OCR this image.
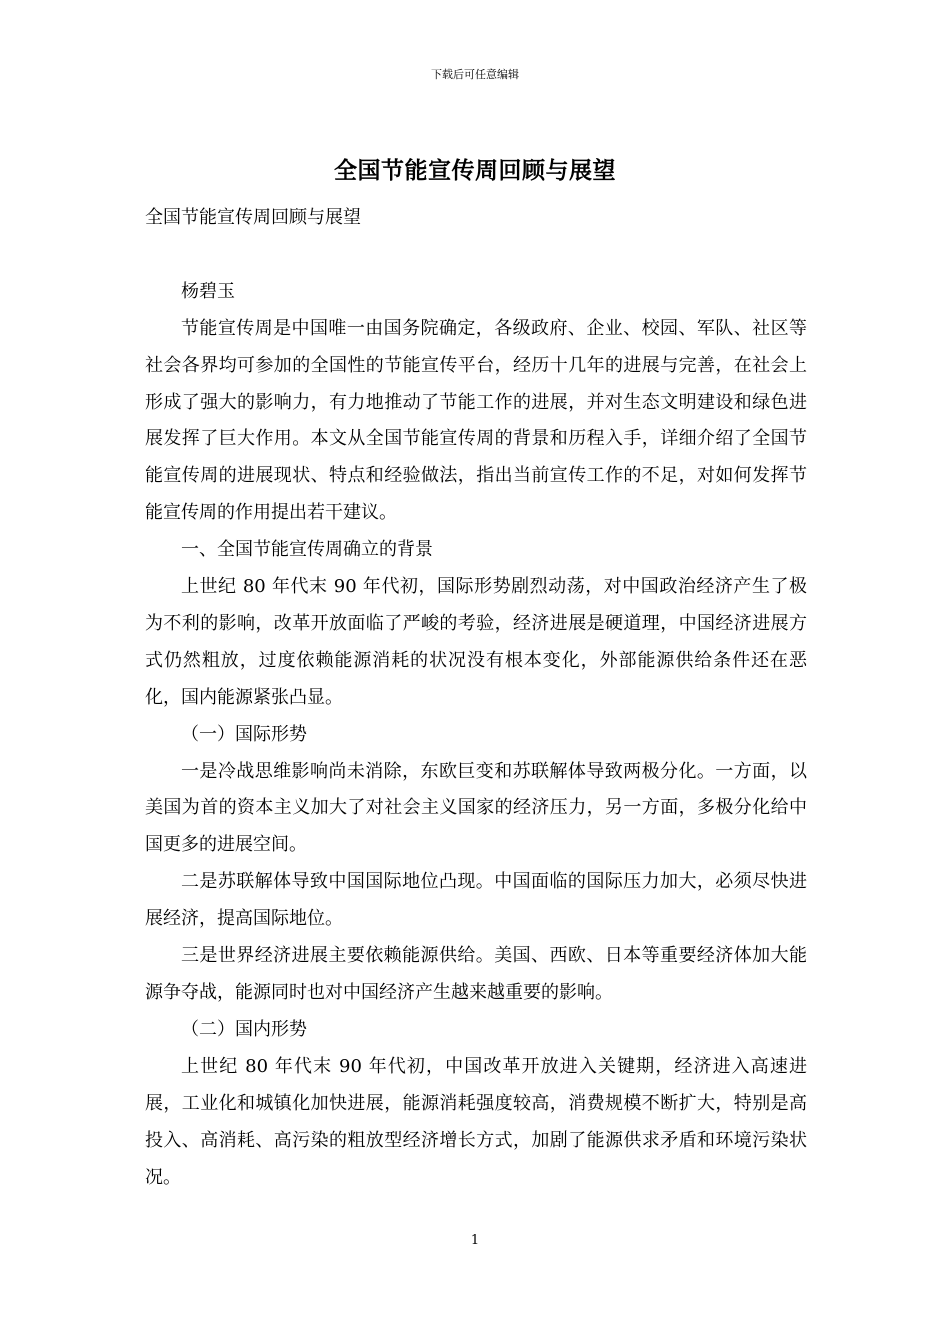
下载后可任意编辑
全国节能宣传周回顾与展望

全国节能宣传周回顾与展望

杨碧玉

节能宣传周是中国唯一由国务院确定，各级政府、企业、校园、军队、社区等社会各界均可参加的全国性的节能宣传平台，经历十几年的进展与完善，在社会上形成了强大的影响力，有力地推动了节能工作的进展，并对生态文明建设和绿色进展发挥了巨大作用。本文从全国节能宣传周的背景和历程入手，详细介绍了全国节能宣传周的进展现状、特点和经验做法，指出当前宣传工作的不足，对如何发挥节能宣传周的作用提出若干建议。

一、全国节能宣传周确立的背景

上世纪 80 年代末 90 年代初，国际形势剧烈动荡，对中国政治经济产生了极为不利的影响，改革开放面临了严峻的考验，经济进展是硬道理，中国经济进展方式仍然粗放，过度依赖能源消耗的状况没有根本变化，外部能源供给条件还在恶化，国内能源紧张凸显。

（一）国际形势

一是冷战思维影响尚未消除，东欧巨变和苏联解体导致两极分化。一方面，以美国为首的资本主义加大了对社会主义国家的经济压力，另一方面，多极分化给中国更多的进展空间。

二是苏联解体导致中国国际地位凸现。中国面临的国际压力加大，必须尽快进展经济，提高国际地位。

三是世界经济进展主要依赖能源供给。美国、西欧、日本等重要经济体加大能源争夺战，能源同时也对中国经济产生越来越重要的影响。

（二）国内形势

上世纪 80 年代末 90 年代初，中国改革开放进入关键期，经济进入高速进展，工业化和城镇化加快进展，能源消耗强度较高，消费规模不断扩大，特别是高投入、高消耗、高污染的粗放型经济增长方式，加剧了能源供求矛盾和环境污染状况。

1
